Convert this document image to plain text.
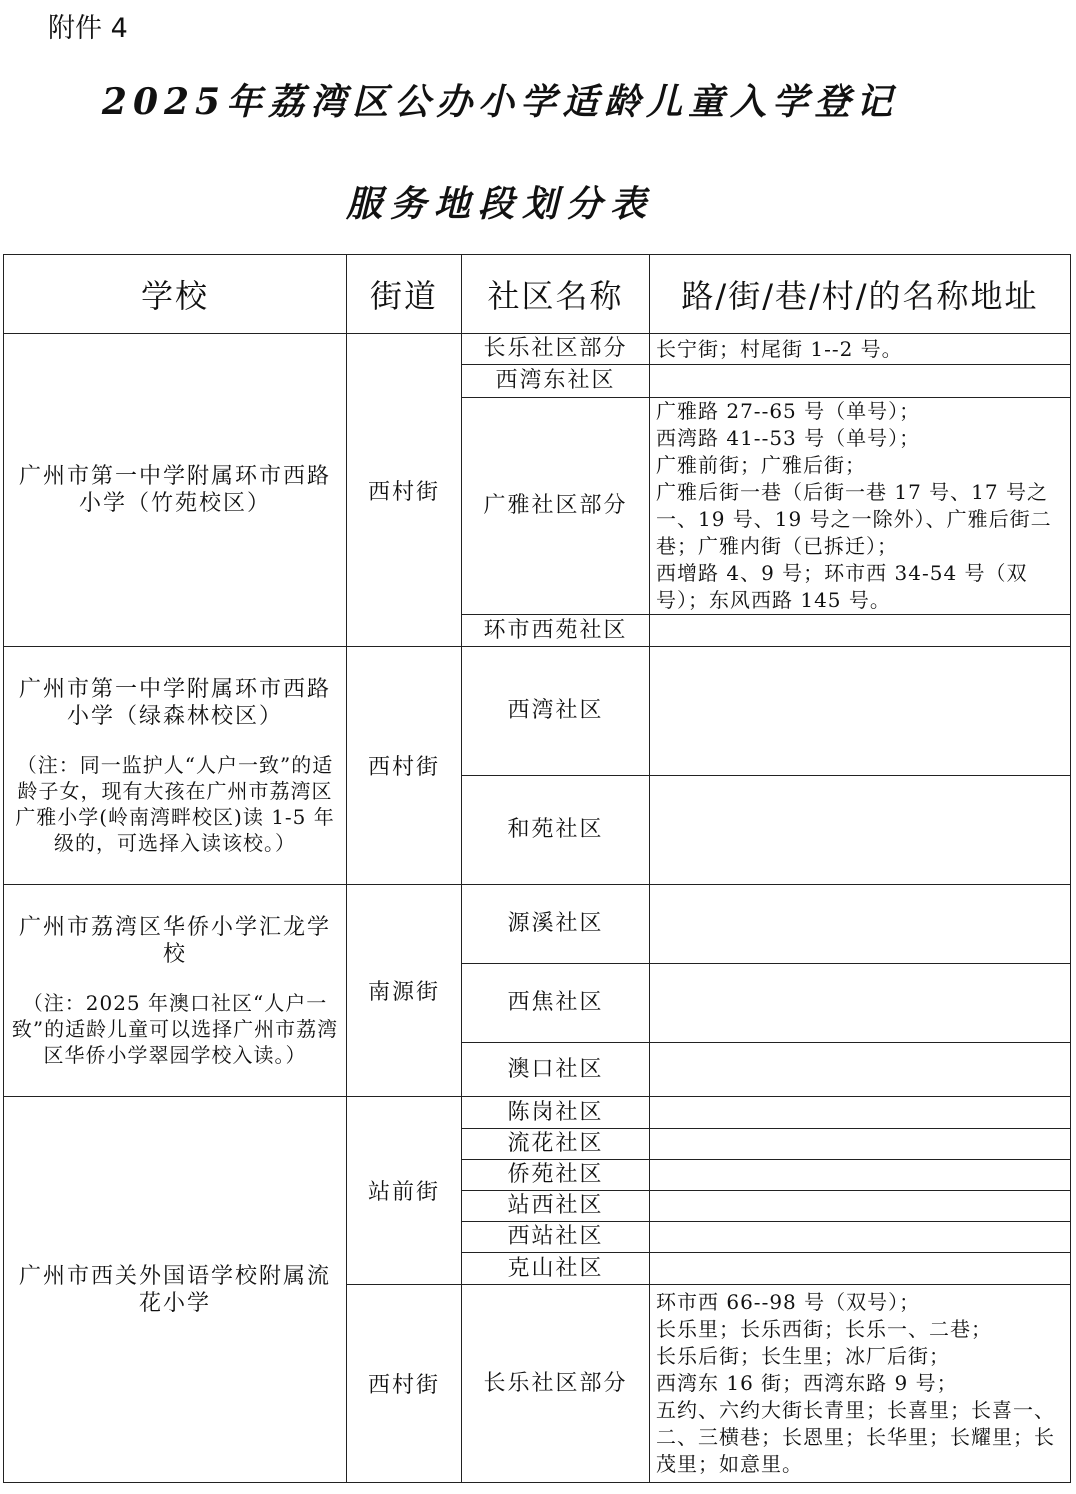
附件 4
2025年荔湾区公办小学适龄儿童入学登记
服务地段划分表
学校	街道	社区名称	路/街/巷/村/的名称地址
广州市第一中学附属环市西路小学（竹苑校区）	西村街	长乐社区部分	长宁街；村尾街 1--2 号。
		西湾东社区	
		广雅社区部分	广雅路 27--65 号（单号）；
西湾路 41--53 号（单号）；
广雅前街；广雅后街；
广雅后街一巷（后街一巷 17 号、17 号之一、19 号、19 号之一除外）、广雅后街二巷；广雅内街（已拆迁）；
西增路 4、9 号；环市西 34-54 号（双号）；东风西路 145 号。
		环市西苑社区	
广州市第一中学附属环市西路小学（绿森林校区）
（注：同一监护人“人户一致”的适龄子女，现有大孩在广州市荔湾区广雅小学(岭南湾畔校区)读 1-5 年级的，可选择入读该校。）	西村街	西湾社区	
		和苑社区	
广州市荔湾区华侨小学汇龙学校
（注：2025 年澳口社区“人户一致”的适龄儿童可以选择广州市荔湾区华侨小学翠园学校入读。）	南源街	源溪社区	
		西焦社区	
		澳口社区	
广州市西关外国语学校附属流花小学	站前街	陈岗社区	
		流花社区	
		侨苑社区	
		站西社区	
		西站社区	
		克山社区	
	西村街	长乐社区部分	环市西 66--98 号（双号）；
长乐里；长乐西街；长乐一、二巷；
长乐后街；长生里；冰厂后街；
西湾东 16 街；西湾东路 9 号；
五约、六约大街长青里；长喜里；长喜一、二、三横巷；长恩里；长华里；长耀里；长茂里；如意里。
